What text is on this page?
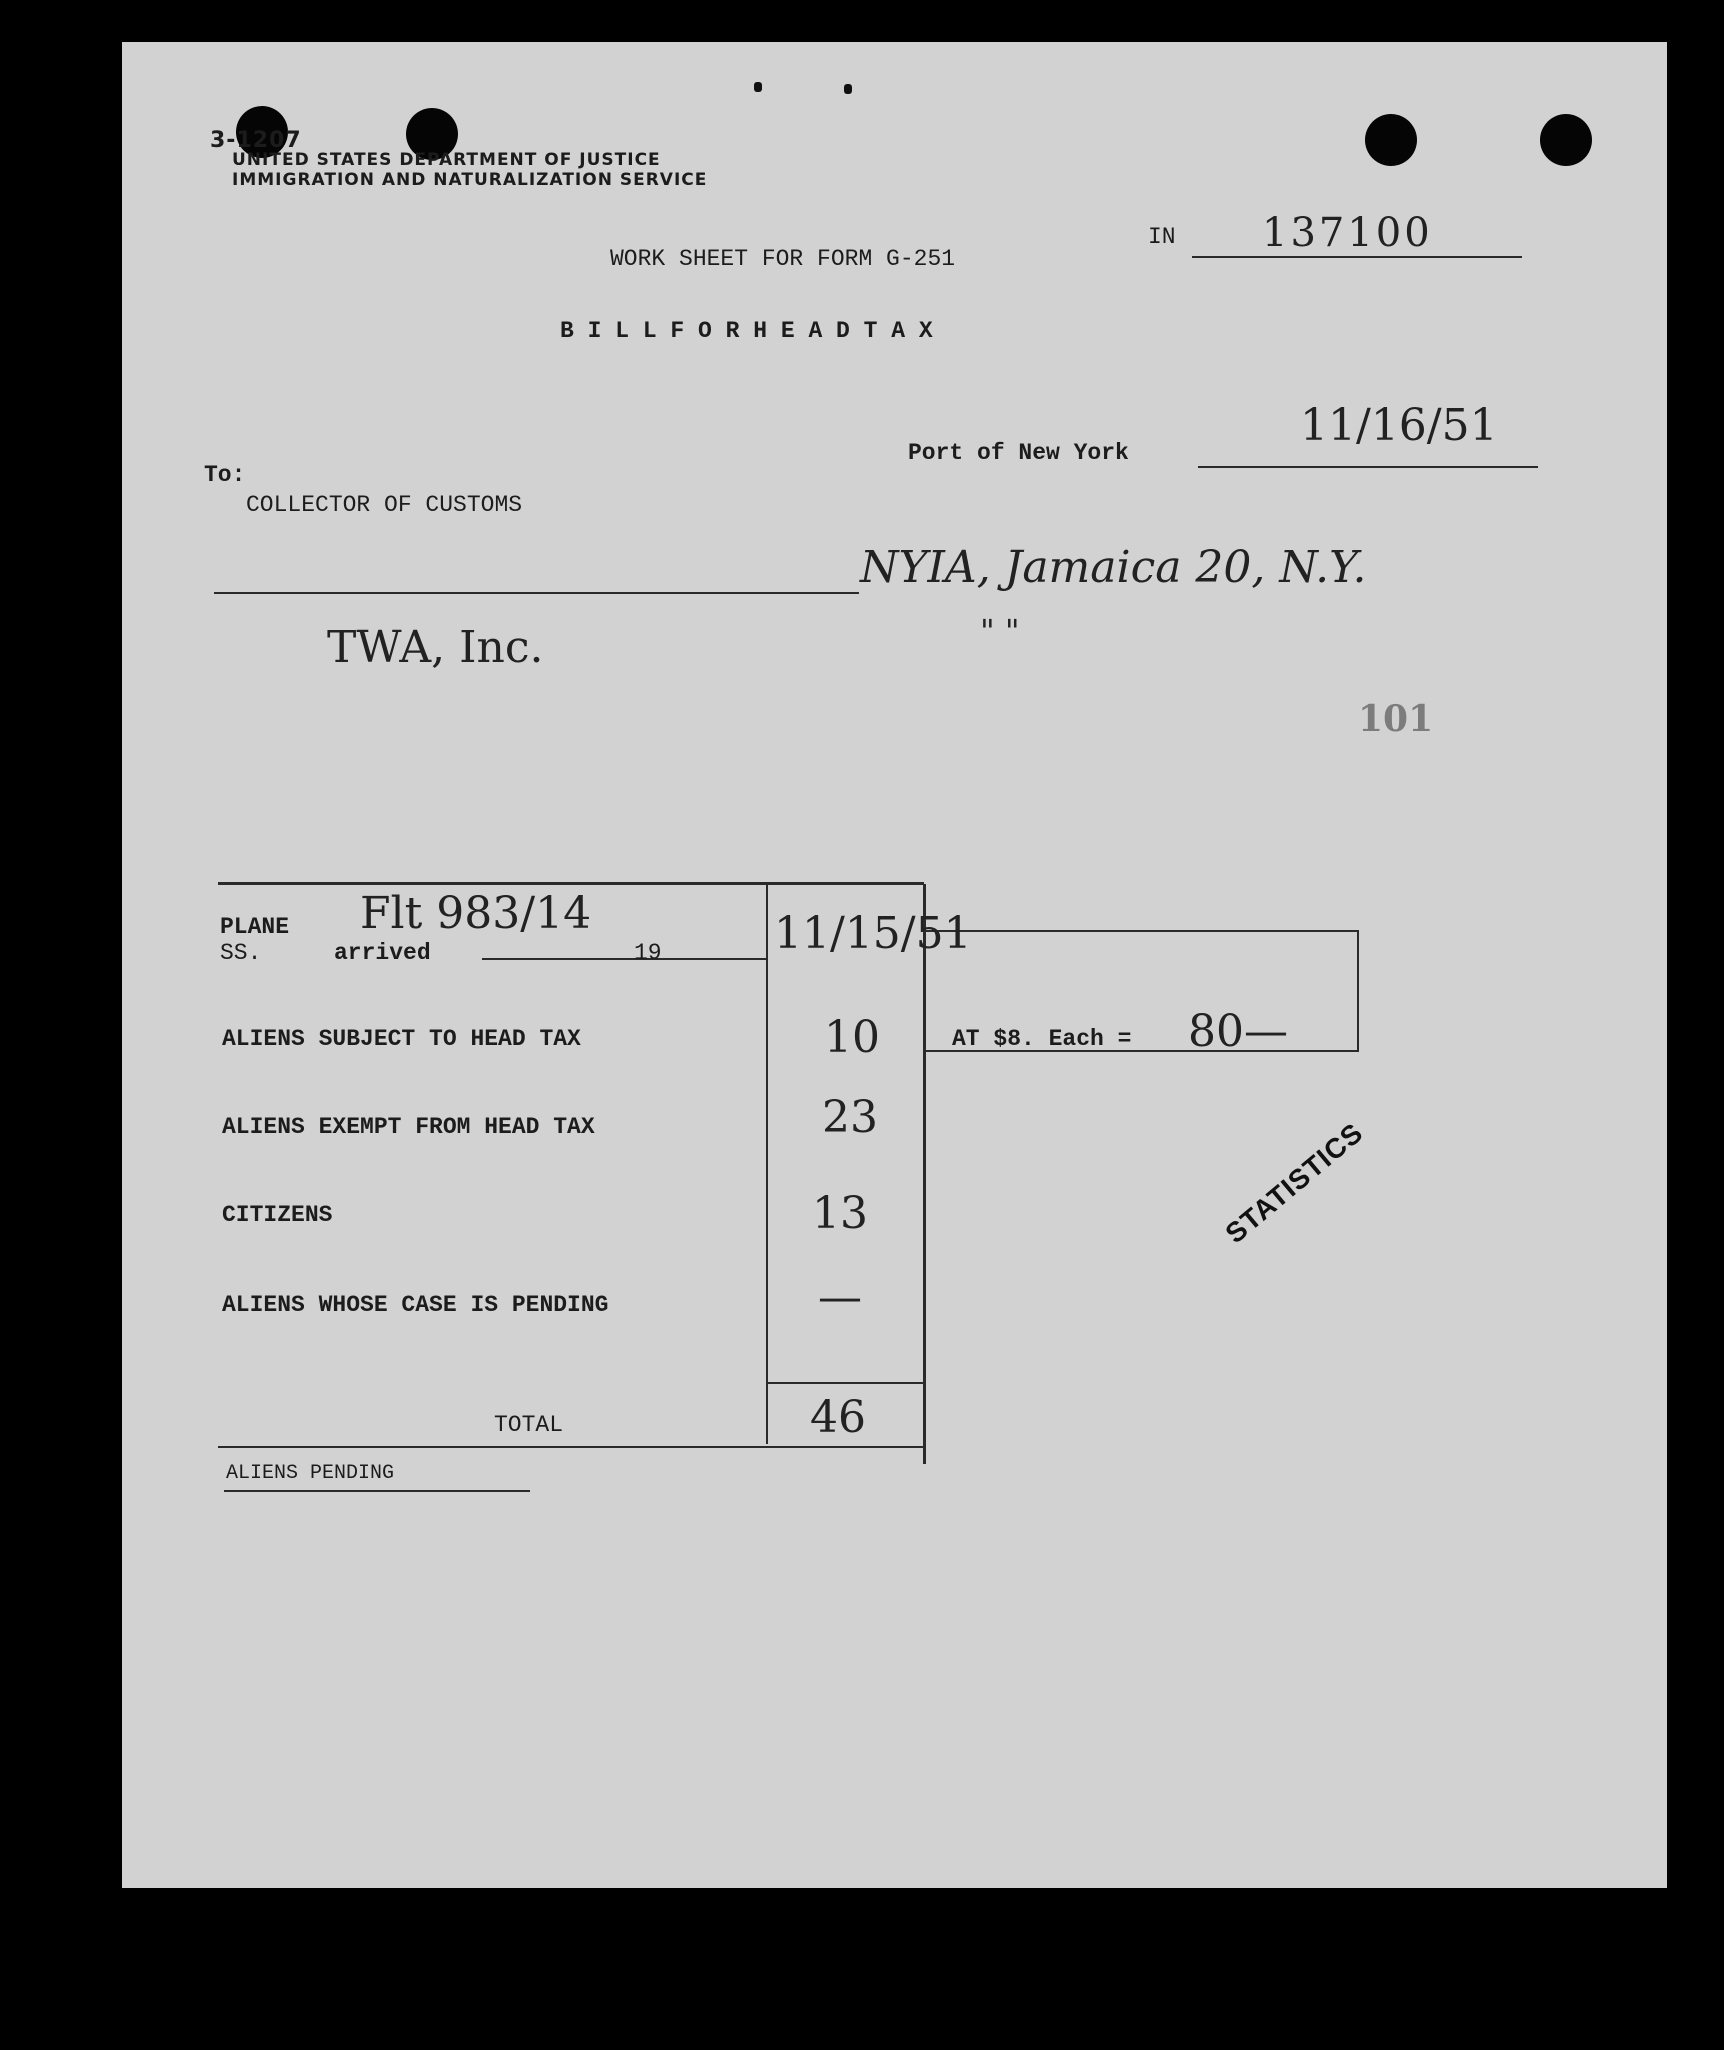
3-1207
UNITED STATES DEPARTMENT OF JUSTICE
IMMIGRATION AND NATURALIZATION SERVICE
IN 137100
WORK SHEET FOR FORM G-251
B I L L F O R H E A D T A X
Port of New York
11/16/51
To:
COLLECTOR OF CUSTOMS
NYIA, Jamaica 20, N.Y.
TWA, Inc.	" "
101
PLANE
SS.	arrived
Flt 983/14
19	11/15/51
ALIENS SUBJECT TO HEAD TAX	10	AT $8. Each = 80—
ALIENS EXEMPT FROM HEAD TAX	23
CITIZENS	13
ALIENS WHOSE CASE IS PENDING	—
TOTAL	46
ALIENS PENDING
STATISTICS
